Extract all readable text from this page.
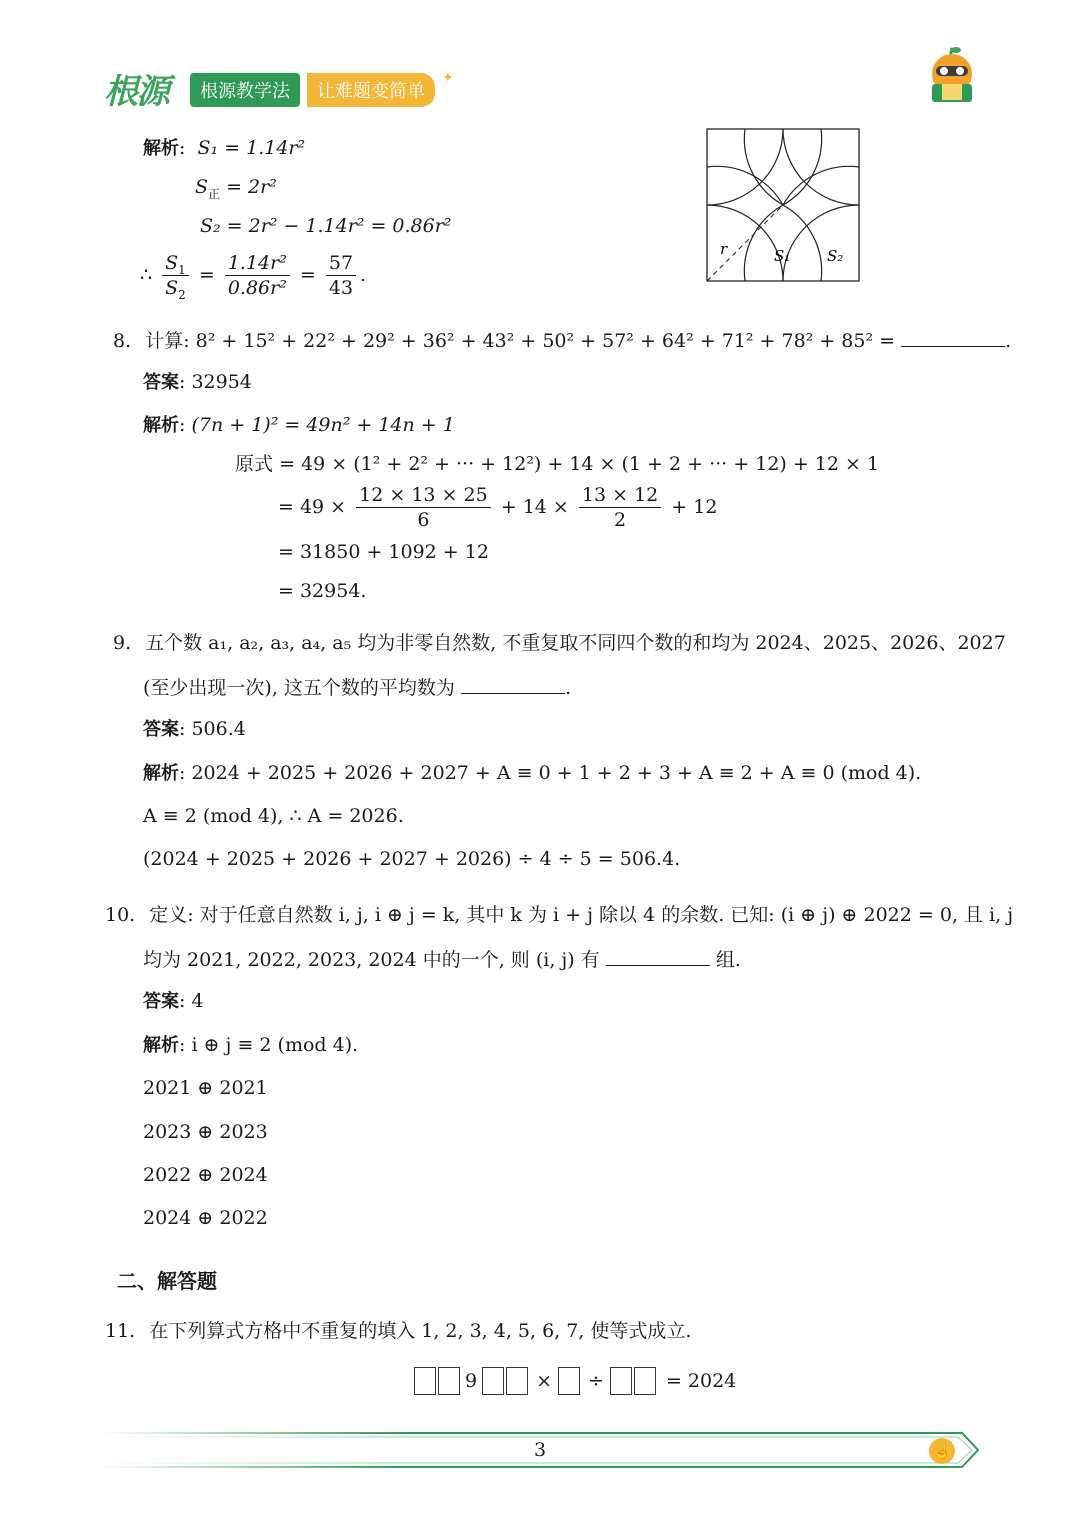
根源	根源教学法	让难题变简单
✦
解析:  S₁ = 1.14r²
$S_正 = 2r^2$
S₂ = 2r² − 1.14r² = 0.86r²
∴ $\frac{S_1}{S_2} = \frac{\text{1.14r²}}{\text{0.86r²}} = \frac{57}{43}$ .
r	S₁ S₂
8. 计算: 8² + 15² + 22² + 29² + 36² + 43² + 50² + 57² + 64² + 71² + 78² + 85² =	.
答案: 32954
解析: (7n + 1)² = 49n² + 14n + 1
原式 = 49 × (1² + 2² + ··· + 12²) + 14 × (1 + 2 + ··· + 12) + 12 × 1
= $49 \times \frac{12 \times 13 \times 25}{6} + 14 \times \frac{13 \times 12}{2} + 12$
= 31850 + 1092 + 12
= 32954.
9. 五个数 a₁, a₂, a₃, a₄, a₅ 均为非零自然数, 不重复取不同四个数的和均为 2024、2025、2026、2027
(至少出现一次), 这五个数的平均数为	.
答案: 506.4
解析: 2024 + 2025 + 2026 + 2027 + A ≡ 0 + 1 + 2 + 3 + A ≡ 2 + A ≡ 0 (mod 4).
A ≡ 2 (mod 4), ∴ A = 2026.
(2024 + 2025 + 2026 + 2027 + 2026) ÷ 4 ÷ 5 = 506.4.
10. 定义: 对于任意自然数 i, j, i ⊕ j = k, 其中 k 为 i + j 除以 4 的余数. 已知: (i ⊕ j) ⊕ 2022 = 0, 且 i, j
均为 2021, 2022, 2023, 2024 中的一个, 则 (i, j) 有	组.
答案: 4
解析: i ⊕ j ≡ 2 (mod 4).
2021 ⊕ 2021
2023 ⊕ 2023
2022 ⊕ 2024
2024 ⊕ 2022
二、解答题
11. 在下列算式方格中不重复的填入 1, 2, 3, 4, 5, 6, 7, 使等式成立.
9	× ÷	= 2024
☝
3
